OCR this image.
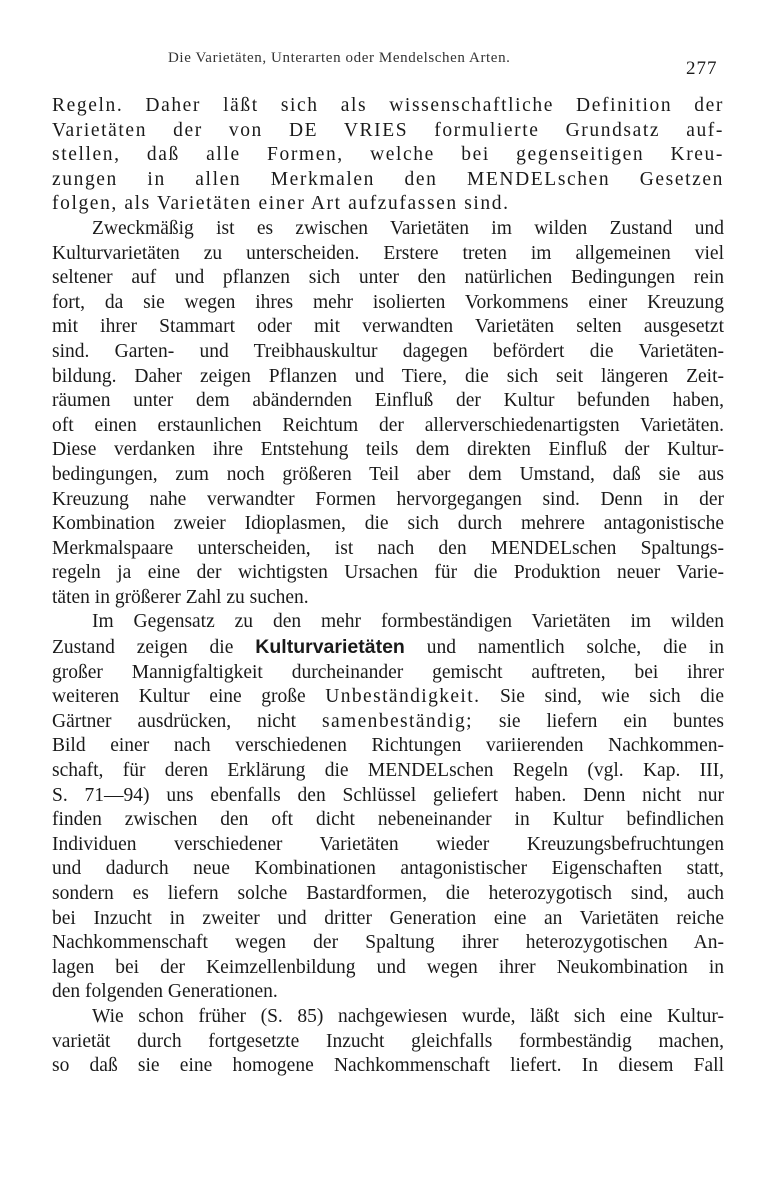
Die Varietäten, Unterarten oder Mendelschen Arten.	277
Regeln. Daher läßt sich als wissenschaftliche Definition der
Varietäten der von DE VRIES formulierte Grundsatz auf-
stellen, daß alle Formen, welche bei gegenseitigen Kreu-
zungen in allen Merkmalen den MENDELschen Gesetzen
folgen, als Varietäten einer Art aufzufassen sind.
Zweckmäßig ist es zwischen Varietäten im wilden Zustand und
Kulturvarietäten zu unterscheiden. Erstere treten im allgemeinen viel
seltener auf und pflanzen sich unter den natürlichen Bedingungen rein
fort, da sie wegen ihres mehr isolierten Vorkommens einer Kreuzung
mit ihrer Stammart oder mit verwandten Varietäten selten ausgesetzt
sind. Garten- und Treibhauskultur dagegen befördert die Varietäten-
bildung. Daher zeigen Pflanzen und Tiere, die sich seit längeren Zeit-
räumen unter dem abändernden Einfluß der Kultur befunden haben,
oft einen erstaunlichen Reichtum der allerverschiedenartigsten Varietäten.
Diese verdanken ihre Entstehung teils dem direkten Einfluß der Kultur-
bedingungen, zum noch größeren Teil aber dem Umstand, daß sie aus
Kreuzung nahe verwandter Formen hervorgegangen sind. Denn in der
Kombination zweier Idioplasmen, die sich durch mehrere antagonistische
Merkmalspaare unterscheiden, ist nach den MENDELschen Spaltungs-
regeln ja eine der wichtigsten Ursachen für die Produktion neuer Varie-
täten in größerer Zahl zu suchen.
Im Gegensatz zu den mehr formbeständigen Varietäten im wilden
Zustand zeigen die Kulturvarietäten und namentlich solche, die in
großer Mannigfaltigkeit durcheinander gemischt auftreten, bei ihrer
weiteren Kultur eine große Unbeständigkeit. Sie sind, wie sich die
Gärtner ausdrücken, nicht samenbeständig; sie liefern ein buntes
Bild einer nach verschiedenen Richtungen variierenden Nachkommen-
schaft, für deren Erklärung die MENDELschen Regeln (vgl. Kap. III,
S. 71—94) uns ebenfalls den Schlüssel geliefert haben. Denn nicht nur
finden zwischen den oft dicht nebeneinander in Kultur befindlichen
Individuen verschiedener Varietäten wieder Kreuzungsbefruchtungen
und dadurch neue Kombinationen antagonistischer Eigenschaften statt,
sondern es liefern solche Bastardformen, die heterozygotisch sind, auch
bei Inzucht in zweiter und dritter Generation eine an Varietäten reiche
Nachkommenschaft wegen der Spaltung ihrer heterozygotischen An-
lagen bei der Keimzellenbildung und wegen ihrer Neukombination in
den folgenden Generationen.
Wie schon früher (S. 85) nachgewiesen wurde, läßt sich eine Kultur-
varietät durch fortgesetzte Inzucht gleichfalls formbeständig machen,
so daß sie eine homogene Nachkommenschaft liefert. In diesem Fall
